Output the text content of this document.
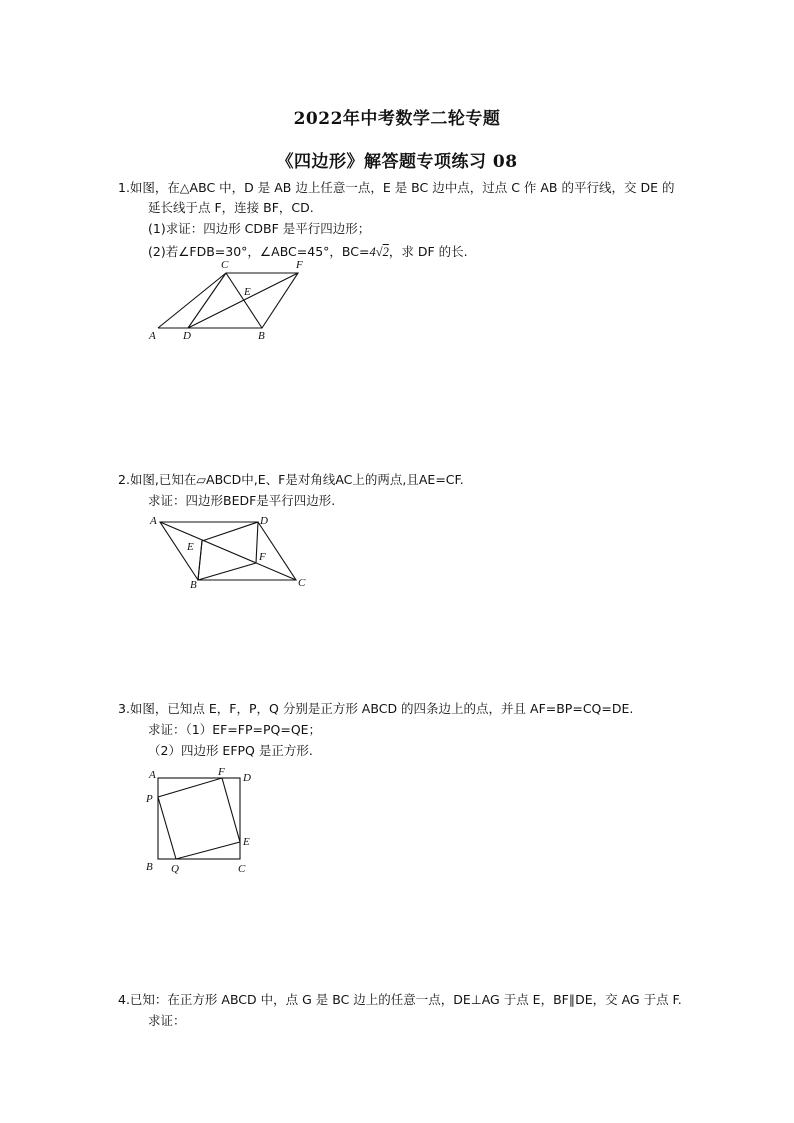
2022年中考数学二轮专题
《四边形》解答题专项练习 08
1.如图，在△ABC 中，D 是 AB 边上任意一点，E 是 BC 边中点，过点 C 作 AB 的平行线，交 DE 的
延长线于点 F，连接 BF，CD.
(1)求证：四边形 CDBF 是平行四边形；
(2)若∠FDB=30°，∠ABC=45°，BC=4√2，求 DF 的长.
A D	B
C
E
F
2.如图,已知在▱ABCD中,E、F是对角线AC上的两点,且AE=CF.
求证：四边形BEDF是平行四边形.
A	D
E
F
B	C
3.如图，已知点 E，F，P，Q 分别是正方形 ABCD 的四条边上的点，并且 AF=BP=CQ=DE.
求证：（1）EF=FP=PQ=QE；
（2）四边形 EFPQ 是正方形.
A	F D
P
E
B Q	C
4.已知：在正方形 ABCD 中，点 G 是 BC 边上的任意一点，DE⊥AG 于点 E，BF∥DE，交 AG 于点 F.
求证：
